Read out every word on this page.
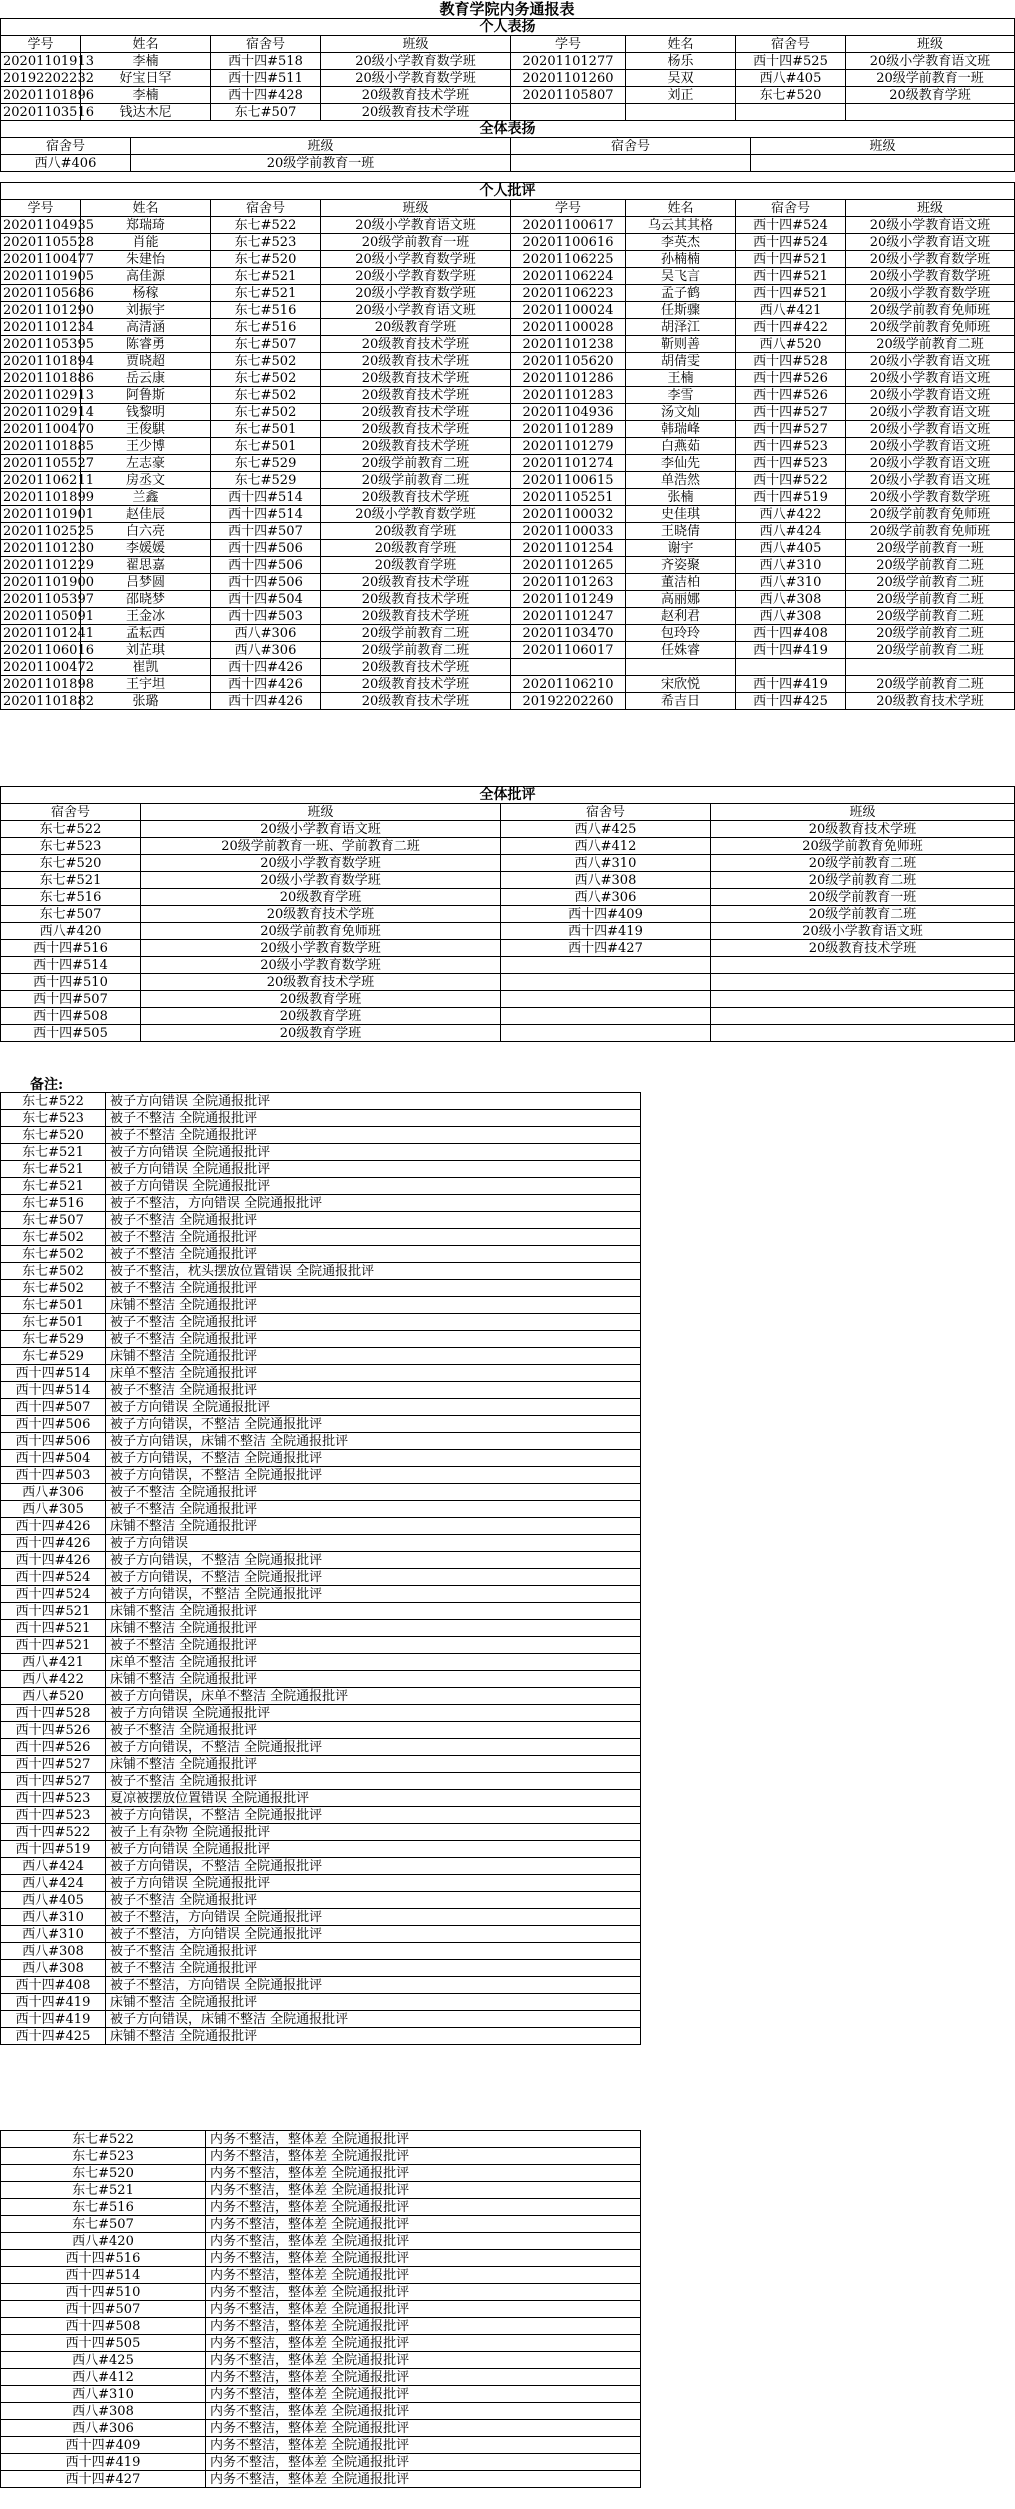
教育学院内务通报表
个人表扬							
学号	姓名	宿舍号	班级	学号	姓名	宿舍号	班级
20201101913	李楠	西十四#518	20级小学教育数学班	20201101277	杨乐	西十四#525	20级小学教育语文班
20192202232	好宝日罕	西十四#511	20级小学教育数学班	20201101260	吴双	西八#405	20级学前教育一班
20201101896	李楠	西十四#428	20级教育技术学班	20201105807	刘正	东七#520	20级教育学班
20201103516	钱达木尼	东七#507	20级教育技术学班				
全体表扬			
宿舍号	班级	宿舍号	班级
西八#406	20级学前教育一班		
个人批评							
学号	姓名	宿舍号	班级	学号	姓名	宿舍号	班级
20201104935	郑瑞琦	东七#522	20级小学教育语文班	20201100617	乌云其其格	西十四#524	20级小学教育语文班
20201105528	肖能	东七#523	20级学前教育一班	20201100616	李英杰	西十四#524	20级小学教育语文班
20201100477	朱建怡	东七#520	20级小学教育数学班	20201106225	孙楠楠	西十四#521	20级小学教育数学班
20201101905	高佳源	东七#521	20级小学教育数学班	20201106224	吴飞言	西十四#521	20级小学教育数学班
20201105686	杨稼	东七#521	20级小学教育数学班	20201106223	孟子鹤	西十四#521	20级小学教育数学班
20201101290	刘振宇	东七#516	20级小学教育语文班	20201100024	任斯骤	西八#421	20级学前教育免师班
20201101234	高清涵	东七#516	20级教育学班	20201100028	胡泽江	西十四#422	20级学前教育免师班
20201105395	陈睿勇	东七#507	20级教育技术学班	20201101238	靳则善	西八#520	20级学前教育二班
20201101894	贾晓超	东七#502	20级教育技术学班	20201105620	胡倩雯	西十四#528	20级小学教育语文班
20201101886	岳云康	东七#502	20级教育技术学班	20201101286	王楠	西十四#526	20级小学教育语文班
20201102913	阿鲁斯	东七#502	20级教育技术学班	20201101283	李雪	西十四#526	20级小学教育语文班
20201102914	钱黎明	东七#502	20级教育技术学班	20201104936	汤文灿	西十四#527	20级小学教育语文班
20201100470	王俊騏	东七#501	20级教育技术学班	20201101289	韩瑞峰	西十四#527	20级小学教育语文班
20201101885	王少博	东七#501	20级教育技术学班	20201101279	白燕茹	西十四#523	20级小学教育语文班
20201105527	左志豪	东七#529	20级学前教育二班	20201101274	李仙先	西十四#523	20级小学教育语文班
20201106211	房丞文	东七#529	20级学前教育二班	20201100615	单浩然	西十四#522	20级小学教育语文班
20201101899	兰鑫	西十四#514	20级教育技术学班	20201105251	张楠	西十四#519	20级小学教育数学班
20201101901	赵佳辰	西十四#514	20级小学教育数学班	20201100032	史佳琪	西八#422	20级学前教育免师班
20201102525	白六亮	西十四#507	20级教育学班	20201100033	王晓倩	西八#424	20级学前教育免师班
20201101230	李媛媛	西十四#506	20级教育学班	20201101254	谢宇	西八#405	20级学前教育一班
20201101229	翟思嘉	西十四#506	20级教育学班	20201101265	齐姿聚	西八#310	20级学前教育二班
20201101900	吕梦圆	西十四#506	20级教育技术学班	20201101263	董洁柏	西八#310	20级学前教育二班
20201105397	邵晓梦	西十四#504	20级教育技术学班	20201101249	高丽娜	西八#308	20级学前教育二班
20201105091	王金冰	西十四#503	20级教育技术学班	20201101247	赵利君	西八#308	20级学前教育二班
20201101241	孟耘西	西八#306	20级学前教育二班	20201103470	包玲玲	西十四#408	20级学前教育二班
20201106016	刘芷琪	西八#306	20级学前教育二班	20201106017	任姝睿	西十四#419	20级学前教育二班
20201100472	崔凯	西十四#426	20级教育技术学班				
20201101898	王宇坦	西十四#426	20级教育技术学班	20201106210	宋欣悦	西十四#419	20级学前教育二班
20201101882	张璐	西十四#426	20级教育技术学班	20192202260	希吉日	西十四#425	20级教育技术学班
全体批评			
宿舍号	班级	宿舍号	班级
东七#522	20级小学教育语文班	西八#425	20级教育技术学班
东七#523	20级学前教育一班、学前教育二班	西八#412	20级学前教育免师班
东七#520	20级小学教育数学班	西八#310	20级学前教育二班
东七#521	20级小学教育数学班	西八#308	20级学前教育二班
东七#516	20级教育学班	西八#306	20级学前教育一班
东七#507	20级教育技术学班	西十四#409	20级学前教育二班
西八#420	20级学前教育免师班	西十四#419	20级小学教育语文班
西十四#516	20级小学教育数学班	西十四#427	20级教育技术学班
西十四#514	20级小学教育数学班		
西十四#510	20级教育技术学班		
西十四#507	20级教育学班		
西十四#508	20级教育学班		
西十四#505	20级教育学班		
备注:
东七#522	被子方向错误 全院通报批评
东七#523	被子不整洁 全院通报批评
东七#520	被子不整洁 全院通报批评
东七#521	被子方向错误 全院通报批评
东七#521	被子方向错误 全院通报批评
东七#521	被子方向错误 全院通报批评
东七#516	被子不整洁，方向错误 全院通报批评
东七#507	被子不整洁 全院通报批评
东七#502	被子不整洁 全院通报批评
东七#502	被子不整洁 全院通报批评
东七#502	被子不整洁，枕头摆放位置错误 全院通报批评
东七#502	被子不整洁 全院通报批评
东七#501	床铺不整洁 全院通报批评
东七#501	被子不整洁 全院通报批评
东七#529	被子不整洁 全院通报批评
东七#529	床铺不整洁 全院通报批评
西十四#514	床单不整洁 全院通报批评
西十四#514	被子不整洁 全院通报批评
西十四#507	被子方向错误 全院通报批评
西十四#506	被子方向错误，不整洁 全院通报批评
西十四#506	被子方向错误，床铺不整洁 全院通报批评
西十四#504	被子方向错误，不整洁 全院通报批评
西十四#503	被子方向错误，不整洁 全院通报批评
西八#306	被子不整洁 全院通报批评
西八#305	被子不整洁 全院通报批评
西十四#426	床铺不整洁 全院通报批评
西十四#426	被子方向错误
西十四#426	被子方向错误，不整洁 全院通报批评
西十四#524	被子方向错误，不整洁 全院通报批评
西十四#524	被子方向错误，不整洁 全院通报批评
西十四#521	床铺不整洁 全院通报批评
西十四#521	床铺不整洁 全院通报批评
西十四#521	被子不整洁 全院通报批评
西八#421	床单不整洁 全院通报批评
西八#422	床铺不整洁 全院通报批评
西八#520	被子方向错误，床单不整洁 全院通报批评
西十四#528	被子方向错误 全院通报批评
西十四#526	被子不整洁 全院通报批评
西十四#526	被子方向错误，不整洁 全院通报批评
西十四#527	床铺不整洁 全院通报批评
西十四#527	被子不整洁 全院通报批评
西十四#523	夏凉被摆放位置错误 全院通报批评
西十四#523	被子方向错误，不整洁 全院通报批评
西十四#522	被子上有杂物 全院通报批评
西十四#519	被子方向错误 全院通报批评
西八#424	被子方向错误，不整洁 全院通报批评
西八#424	被子方向错误 全院通报批评
西八#405	被子不整洁 全院通报批评
西八#310	被子不整洁，方向错误 全院通报批评
西八#310	被子不整洁，方向错误 全院通报批评
西八#308	被子不整洁 全院通报批评
西八#308	被子不整洁 全院通报批评
西十四#408	被子不整洁，方向错误 全院通报批评
西十四#419	床铺不整洁 全院通报批评
西十四#419	被子方向错误，床铺不整洁 全院通报批评
西十四#425	床铺不整洁 全院通报批评
东七#522	内务不整洁，整体差 全院通报批评
东七#523	内务不整洁，整体差 全院通报批评
东七#520	内务不整洁，整体差 全院通报批评
东七#521	内务不整洁，整体差 全院通报批评
东七#516	内务不整洁，整体差 全院通报批评
东七#507	内务不整洁，整体差 全院通报批评
西八#420	内务不整洁，整体差 全院通报批评
西十四#516	内务不整洁，整体差 全院通报批评
西十四#514	内务不整洁，整体差 全院通报批评
西十四#510	内务不整洁，整体差 全院通报批评
西十四#507	内务不整洁，整体差 全院通报批评
西十四#508	内务不整洁，整体差 全院通报批评
西十四#505	内务不整洁，整体差 全院通报批评
西八#425	内务不整洁，整体差 全院通报批评
西八#412	内务不整洁，整体差 全院通报批评
西八#310	内务不整洁，整体差 全院通报批评
西八#308	内务不整洁，整体差 全院通报批评
西八#306	内务不整洁，整体差 全院通报批评
西十四#409	内务不整洁，整体差 全院通报批评
西十四#419	内务不整洁，整体差 全院通报批评
西十四#427	内务不整洁，整体差 全院通报批评
